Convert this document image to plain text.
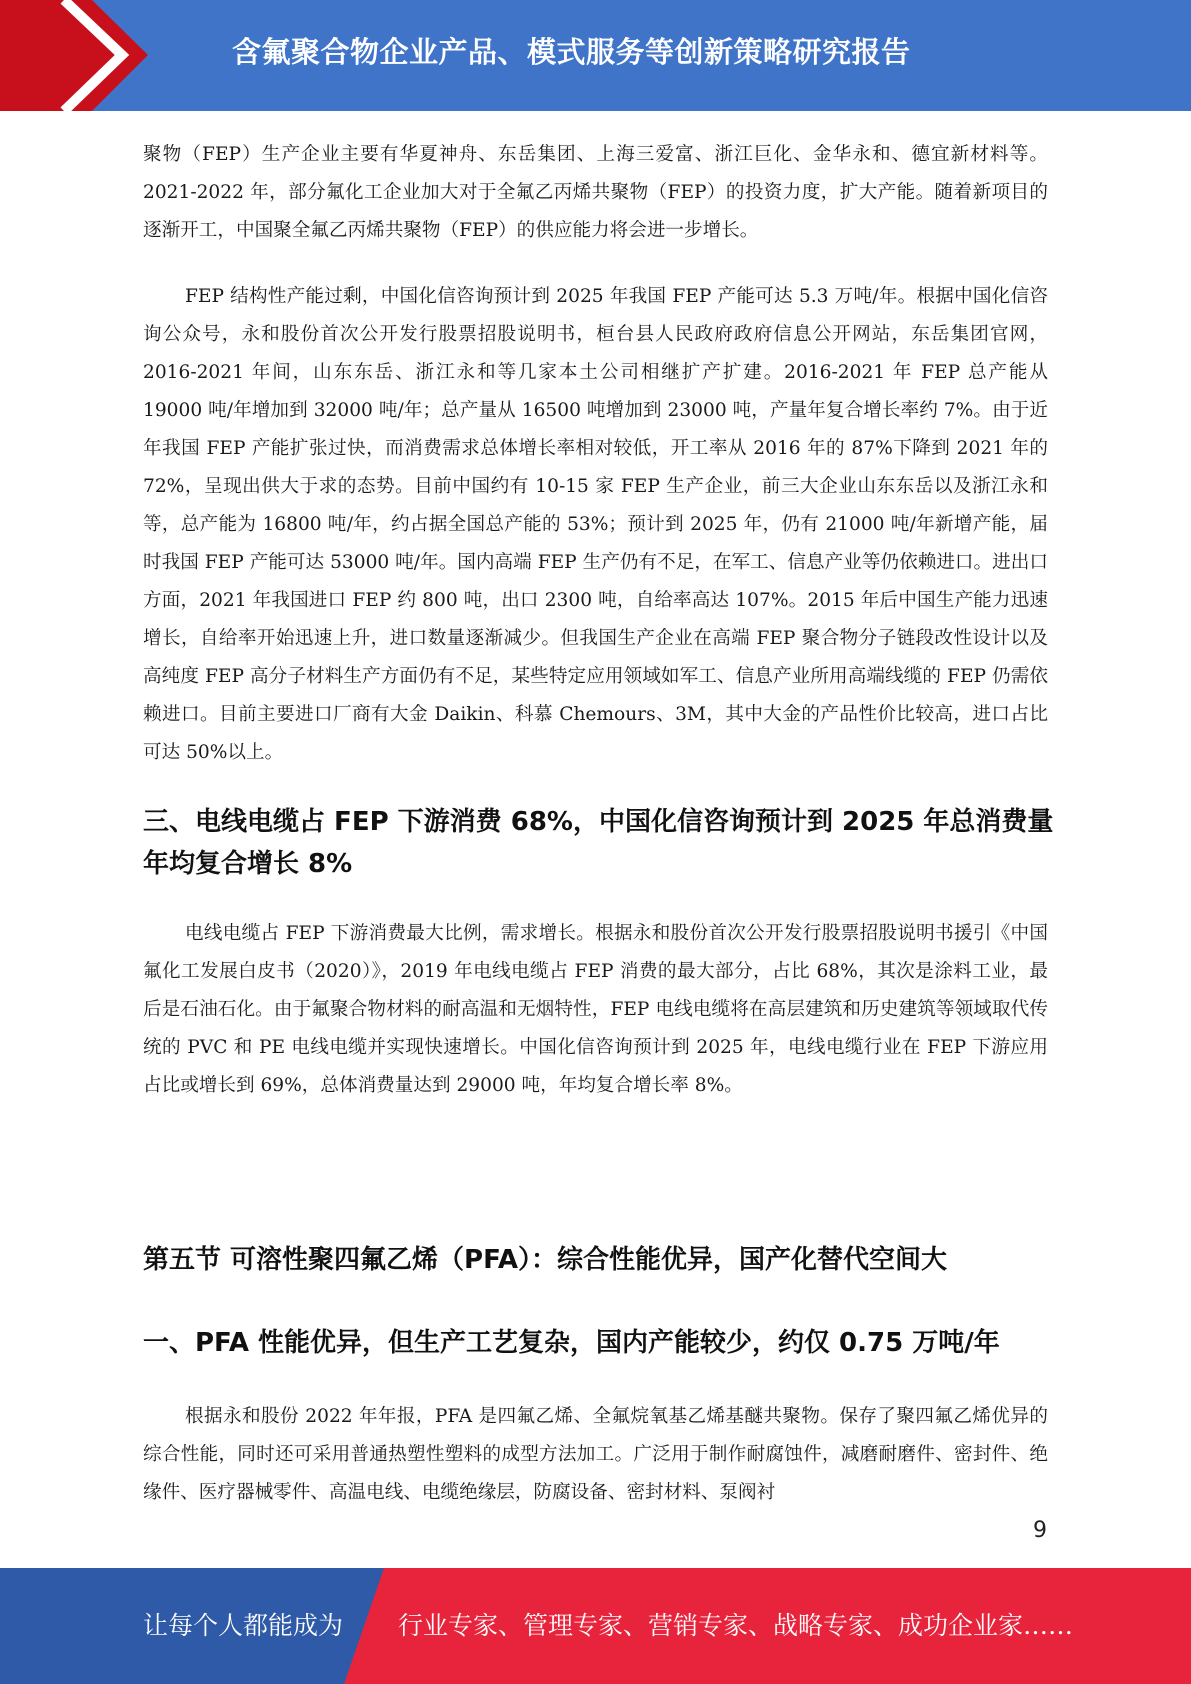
含氟聚合物企业产品、模式服务等创新策略研究报告

聚物（FEP）生产企业主要有华夏神舟、东岳集团、上海三爱富、浙江巨化、金华永和、德宜新材料等。2021-2022 年，部分氟化工企业加大对于全氟乙丙烯共聚物（FEP）的投资力度，扩大产能。随着新项目的逐渐开工，中国聚全氟乙丙烯共聚物（FEP）的供应能力将会进一步增长。

FEP 结构性产能过剩，中国化信咨询预计到 2025 年我国 FEP 产能可达 5.3 万吨/年。根据中国化信咨询公众号，永和股份首次公开发行股票招股说明书，桓台县人民政府政府信息公开网站，东岳集团官网，2016-2021 年间，山东东岳、浙江永和等几家本土公司相继扩产扩建。2016-2021 年 FEP 总产能从 19000 吨/年增加到 32000 吨/年；总产量从 16500 吨增加到 23000 吨，产量年复合增长率约 7%。由于近年我国 FEP 产能扩张过快，而消费需求总体增长率相对较低，开工率从 2016 年的 87%下降到 2021 年的 72%，呈现出供大于求的态势。目前中国约有 10-15 家 FEP 生产企业，前三大企业山东东岳以及浙江永和等，总产能为 16800 吨/年，约占据全国总产能的 53%；预计到 2025 年，仍有 21000 吨/年新增产能，届时我国 FEP 产能可达 53000 吨/年。国内高端 FEP 生产仍有不足，在军工、信息产业等仍依赖进口。进出口方面，2021 年我国进口 FEP 约 800 吨，出口 2300 吨，自给率高达 107%。2015 年后中国生产能力迅速增长，自给率开始迅速上升，进口数量逐渐减少。但我国生产企业在高端 FEP 聚合物分子链段改性设计以及高纯度 FEP 高分子材料生产方面仍有不足，某些特定应用领域如军工、信息产业所用高端线缆的 FEP 仍需依赖进口。目前主要进口厂商有大金 Daikin、科慕 Chemours、3M，其中大金的产品性价比较高，进口占比可达 50%以上。

三、电线电缆占 FEP 下游消费 68%，中国化信咨询预计到 2025 年总消费量年均复合增长 8%

电线电缆占 FEP 下游消费最大比例，需求增长。根据永和股份首次公开发行股票招股说明书援引《中国氟化工发展白皮书（2020）》，2019 年电线电缆占 FEP 消费的最大部分，占比 68%，其次是涂料工业，最后是石油石化。由于氟聚合物材料的耐高温和无烟特性，FEP 电线电缆将在高层建筑和历史建筑等领域取代传统的 PVC 和 PE 电线电缆并实现快速增长。中国化信咨询预计到 2025 年，电线电缆行业在 FEP 下游应用占比或增长到 69%，总体消费量达到 29000 吨，年均复合增长率 8%。

第五节 可溶性聚四氟乙烯（PFA）：综合性能优异，国产化替代空间大
一、PFA 性能优异，但生产工艺复杂，国内产能较少，约仅 0.75 万吨/年

根据永和股份 2022 年年报，PFA 是四氟乙烯、全氟烷氧基乙烯基醚共聚物。保存了聚四氟乙烯优异的综合性能，同时还可采用普通热塑性塑料的成型方法加工。广泛用于制作耐腐蚀件，减磨耐磨件、密封件、绝缘件、医疗器械零件、高温电线、电缆绝缘层，防腐设备、密封材料、泵阀衬

9
让每个人都能成为 行业专家、管理专家、营销专家、战略专家、成功企业家……
